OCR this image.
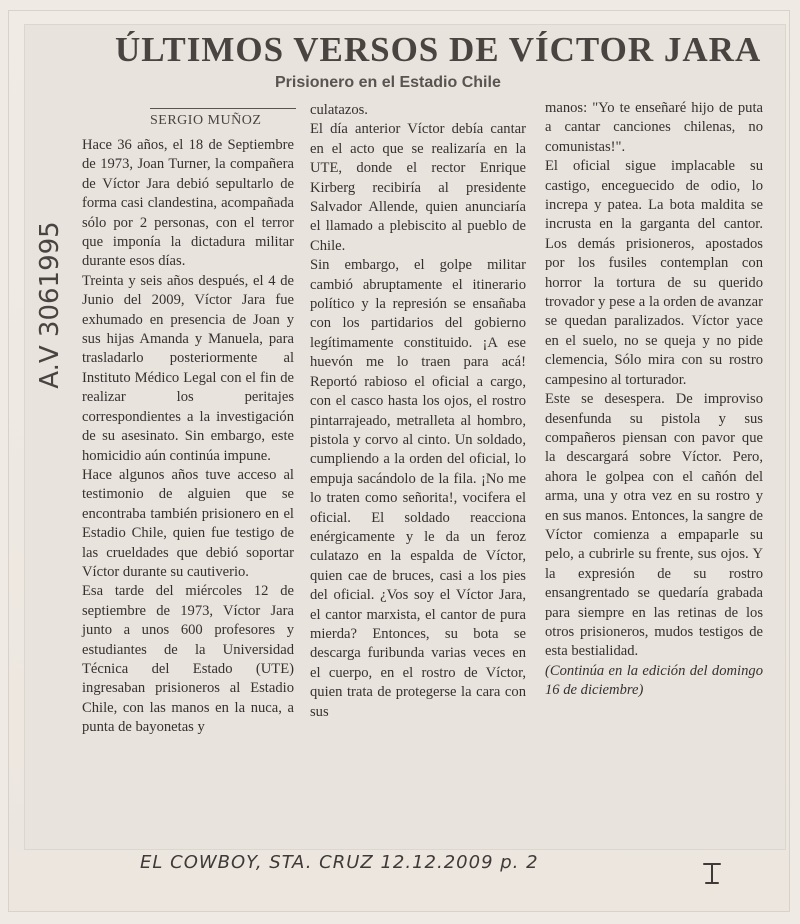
ÚLTIMOS VERSOS DE VÍCTOR JARA
Prisionero en el Estadio Chile
SERGIO MUÑOZ

Hace 36 años, el 18 de Septiembre de 1973, Joan Turner, la compañera de Víctor Jara debió sepultarlo de forma casi clandestina, acompañada sólo por 2 personas, con el terror que imponía la dictadura militar durante esos días.

Treinta y seis años después, el 4 de Junio del 2009, Víctor Jara fue exhumado en presencia de Joan y sus hijas Amanda y Manuela, para trasladarlo posteriormente al Instituto Médico Legal con el fin de realizar los peritajes correspondientes a la investigación de su asesinato. Sin embargo, este homicidio aún continúa impune.

Hace algunos años tuve acceso al testimonio de alguien que se encontraba también prisionero en el Estadio Chile, quien fue testigo de las crueldades que debió soportar Víctor durante su cautiverio.

Esa tarde del miércoles 12 de septiembre de 1973, Víctor Jara junto a unos 600 profesores y estudiantes de la Universidad Técnica del Estado (UTE) ingresaban prisioneros al Estadio Chile, con las manos en la nuca, a punta de bayonetas y

culatazos.

El día anterior Víctor debía cantar en el acto que se realizaría en la UTE, donde el rector Enrique Kirberg recibiría al presidente Salvador Allende, quien anunciaría el llamado a plebiscito al pueblo de Chile.

Sin embargo, el golpe militar cambió abruptamente el itinerario político y la represión se ensañaba con los partidarios del gobierno legítimamente constituido. ¡A ese huevón me lo traen para acá! Reportó rabioso el oficial a cargo, con el casco hasta los ojos, el rostro pintarrajeado, metralleta al hombro, pistola y corvo al cinto. Un soldado, cumpliendo a la orden del oficial, lo empuja sacándolo de la fila. ¡No me lo traten como señorita!, vocifera el oficial. El soldado reacciona enérgicamente y le da un feroz culatazo en la espalda de Víctor, quien cae de bruces, casi a los pies del oficial. ¿Vos soy el Víctor Jara, el cantor marxista, el cantor de pura mierda? Entonces, su bota se descarga furibunda varias veces en el cuerpo, en el rostro de Víctor, quien trata de protegerse la cara con sus

manos: "Yo te enseñaré hijo de puta a cantar canciones chilenas, no comunistas!".

El oficial sigue implacable su castigo, enceguecido de odio, lo increpa y patea. La bota maldita se incrusta en la garganta del cantor. Los demás prisioneros, apostados por los fusiles contemplan con horror la tortura de su querido trovador y pese a la orden de avanzar se quedan paralizados. Víctor yace en el suelo, no se queja y no pide clemencia, Sólo mira con su rostro campesino al torturador.

Este se desespera. De improviso desenfunda su pistola y sus compañeros piensan con pavor que la descargará sobre Víctor. Pero, ahora le golpea con el cañón del arma, una y otra vez en su rostro y en sus manos. Entonces, la sangre de Víctor comienza a empaparle su pelo, a cubrirle su frente, sus ojos. Y la expresión de su rostro ensangrentado se quedaría grabada para siempre en las retinas de los otros prisioneros, mudos testigos de esta bestialidad.

(Continúa en la edición del domingo 16 de diciembre)

A.V 3061995
EL COWBOY, STA. CRUZ 12.12.2009 p. 2
